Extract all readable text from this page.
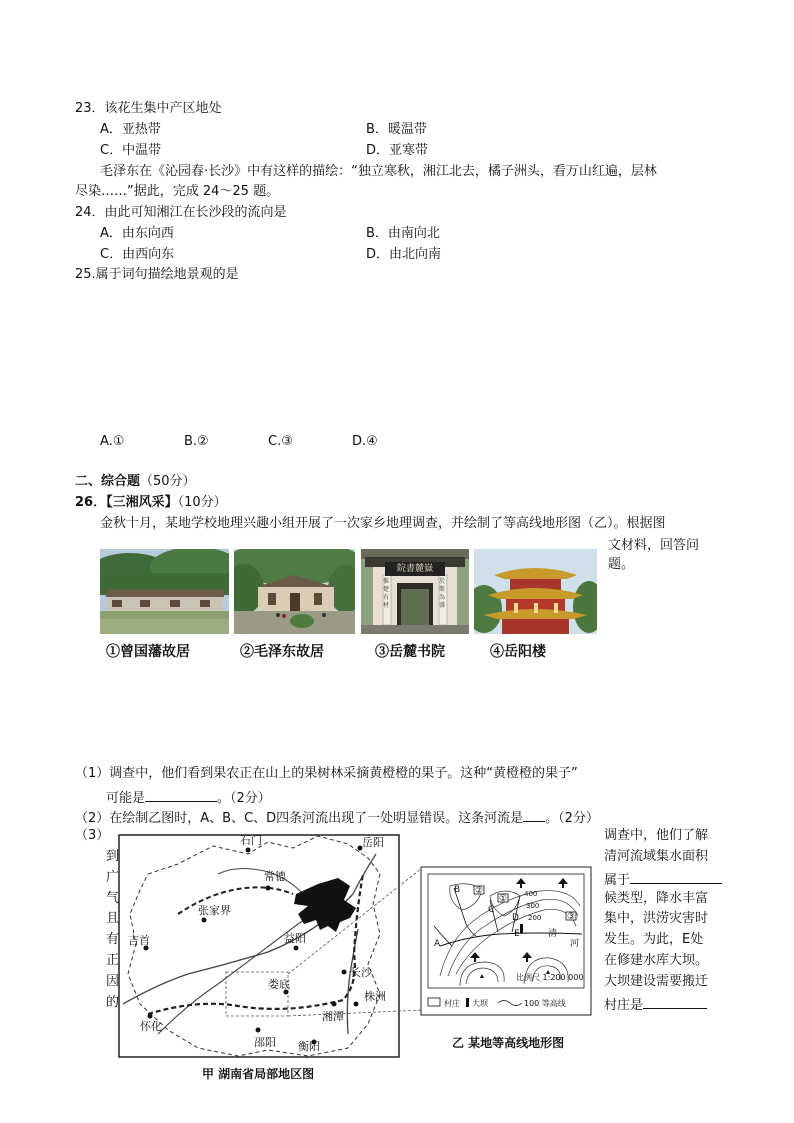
23．该花生集中产区地处
A．亚热带	B．暖温带
C．中温带	D．亚寒带
毛泽东在《沁园春·长沙》中有这样的描绘：“独立寒秋，湘江北去，橘子洲头，看万山红遍，层林
尽染……”据此，完成 24～25 题。
24．由此可知湘江在长沙段的流向是
A．由东向西	B．由南向北
C．由西向东	D．由北向南
25.属于词句描绘地景观的是
A.①	B.②	C.③	D.④
二、综合题（50分）
26．【三湘风采】（10分）
金秋十月，某地学校地理兴趣小组开展了一次家乡地理调查，并绘制了等高线地形图（乙）。根据图
文材料，回答问
题。
院書麓嶽
惟楚有材
於斯為盛
①曾国藩故居	②毛泽东故居	③岳麓书院	④岳阳楼
（1）调查中，他们看到果农正在山上的果树林采摘黄橙橙的果子。这种“黄橙橙的果子”
可能是	。（2分）
（2）在绘制乙图时，A、B、C、D四条河流出现了一处明显错误。这条河流是 。（2分）
（3）
到
广
气
且
有
正
因
的
调查中，他们了解
清河流域集水面积
属于
候类型，降水丰富
集中，洪涝灾害时
发生。为此，E处
在修建水库大坝。
大坝建设需要搬迁
村庄是
石门	岳阳
常德
张家界
吉首	益阳
长沙
娄底
湘潭
株洲
怀化
邵阳 衡阳
甲 湖南省局部地区图
B ②
①
C
D	③
A
E	清
河
400
300
200
比例尺 1:200 000
村庄 大坝	100 等高线
乙 某地等高线地形图
